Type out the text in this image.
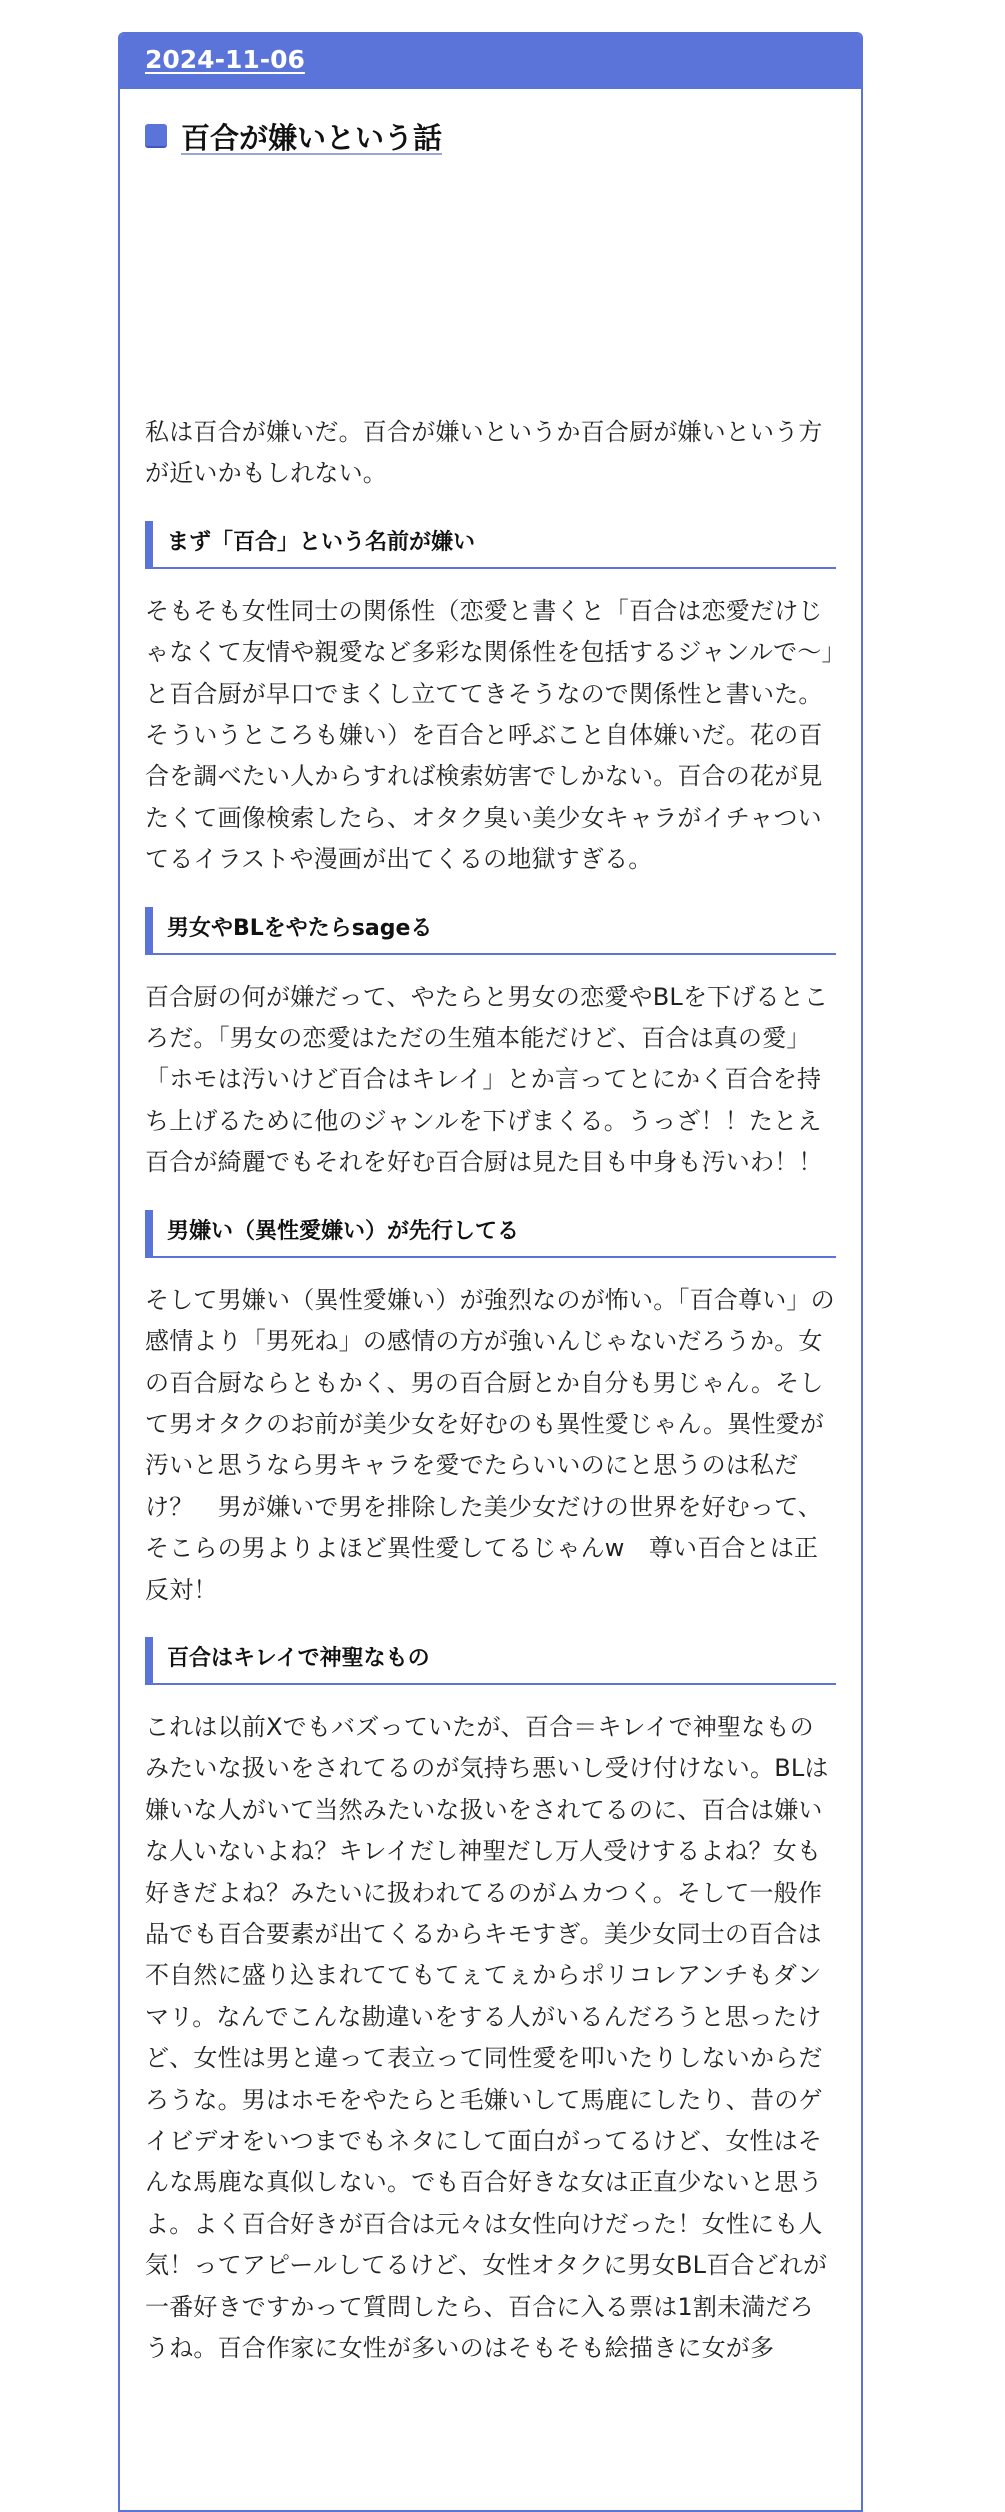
2024-11-06
百合が嫌いという話

私は百合が嫌いだ。百合が嫌いというか百合厨が嫌いという方が近いかもしれない。

まず「百合」という名前が嫌い

そもそも女性同士の関係性（恋愛と書くと「百合は恋愛だけじゃなくて友情や親愛など多彩な関係性を包括するジャンルで〜」と百合厨が早口でまくし立ててきそうなので関係性と書いた。そういうところも嫌い）を百合と呼ぶこと自体嫌いだ。花の百合を調べたい人からすれば検索妨害でしかない。百合の花が見たくて画像検索したら、オタク臭い美少女キャラがイチャついてるイラストや漫画が出てくるの地獄すぎる。

男女やBLをやたらsageる

百合厨の何が嫌だって、やたらと男女の恋愛やBLを下げるところだ。「男女の恋愛はただの生殖本能だけど、百合は真の愛」「ホモは汚いけど百合はキレイ」とか言ってとにかく百合を持ち上げるために他のジャンルを下げまくる。うっざ！！たとえ百合が綺麗でもそれを好む百合厨は見た目も中身も汚いわ！！

男嫌い（異性愛嫌い）が先行してる

そして男嫌い（異性愛嫌い）が強烈なのが怖い。「百合尊い」の感情より「男死ね」の感情の方が強いんじゃないだろうか。女の百合厨ならともかく、男の百合厨とか自分も男じゃん。そして男オタクのお前が美少女を好むのも異性愛じゃん。異性愛が汚いと思うなら男キャラを愛でたらいいのにと思うのは私だけ？　男が嫌いで男を排除した美少女だけの世界を好むって、そこらの男よりよほど異性愛してるじゃんw　尊い百合とは正反対！

百合はキレイで神聖なもの

これは以前Xでもバズっていたが、百合＝キレイで神聖なものみたいな扱いをされてるのが気持ち悪いし受け付けない。BLは嫌いな人がいて当然みたいな扱いをされてるのに、百合は嫌いな人いないよね？キレイだし神聖だし万人受けするよね？女も好きだよね？みたいに扱われてるのがムカつく。そして一般作品でも百合要素が出てくるからキモすぎ。美少女同士の百合は不自然に盛り込まれててもてぇてぇからポリコレアンチもダンマリ。なんでこんな勘違いをする人がいるんだろうと思ったけど、女性は男と違って表立って同性愛を叩いたりしないからだろうな。男はホモをやたらと毛嫌いして馬鹿にしたり、昔のゲイビデオをいつまでもネタにして面白がってるけど、女性はそんな馬鹿な真似しない。でも百合好きな女は正直少ないと思うよ。よく百合好きが百合は元々は女性向けだった！女性にも人気！ってアピールしてるけど、女性オタクに男女BL百合どれが一番好きですかって質問したら、百合に入る票は1割未満だろうね。百合作家に女性が多いのはそもそも絵描きに女が多
